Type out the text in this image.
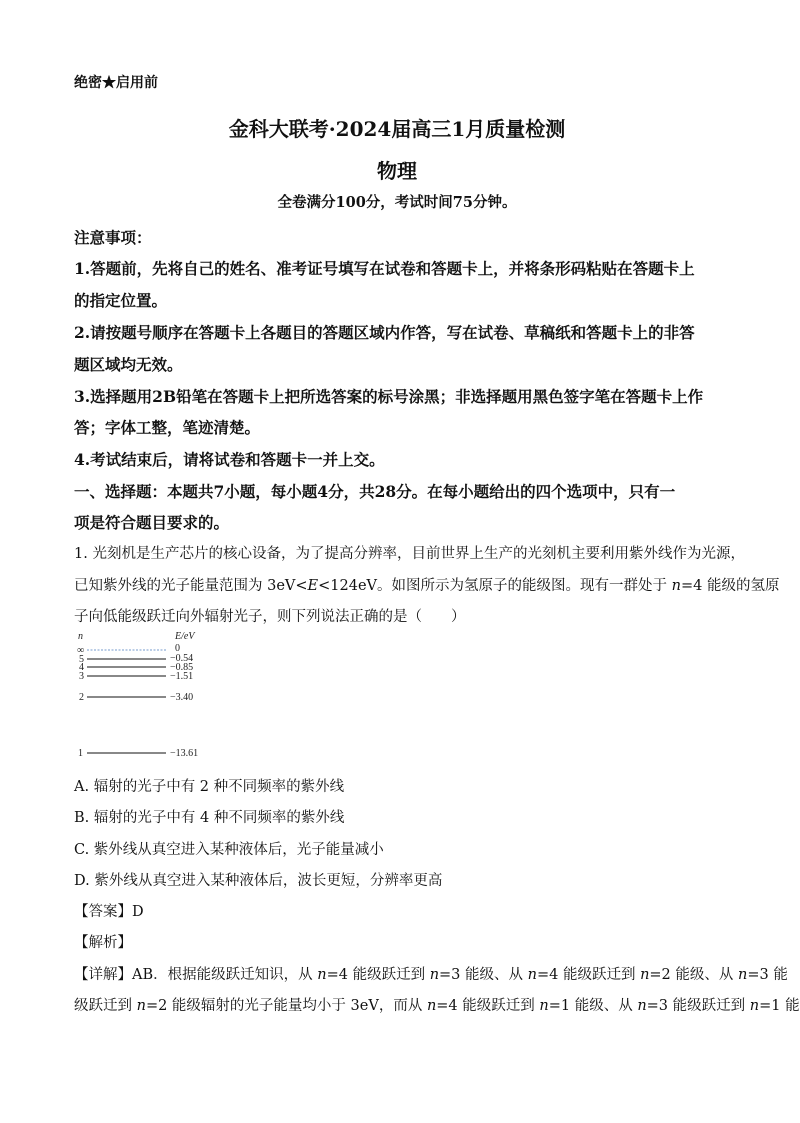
绝密★启用前
金科大联考·2024届高三1月质量检测
物理
全卷满分100分，考试时间75分钟。
注意事项：
1.答题前，先将自己的姓名、准考证号填写在试卷和答题卡上，并将条形码粘贴在答题卡上
的指定位置。
2.请按题号顺序在答题卡上各题目的答题区域内作答，写在试卷、草稿纸和答题卡上的非答
题区域均无效。
3.选择题用2B铅笔在答题卡上把所选答案的标号涂黑；非选择题用黑色签字笔在答题卡上作
答；字体工整，笔迹清楚。
4.考试结束后，请将试卷和答题卡一并上交。
一、选择题：本题共7小题，每小题4分，共28分。在每小题给出的四个选项中，只有一
项是符合题目要求的。
1. 光刻机是生产芯片的核心设备，为了提高分辨率，目前世界上生产的光刻机主要利用紫外线作为光源，
已知紫外线的光子能量范围为 3eV<E<124eV。如图所示为氢原子的能级图。现有一群处于 n=4 能级的氢原
子向低能级跃迁向外辐射光子，则下列说法正确的是（　　）
n	E/eV
∞
5
4
3
2
1
0
−0.54
−0.85
−1.51
−3.40
−13.61
A. 辐射的光子中有 2 种不同频率的紫外线
B. 辐射的光子中有 4 种不同频率的紫外线
C. 紫外线从真空进入某种液体后，光子能量减小
D. 紫外线从真空进入某种液体后，波长更短，分辨率更高
【答案】D
【解析】
【详解】AB．根据能级跃迁知识，从 n=4 能级跃迁到 n=3 能级、从 n=4 能级跃迁到 n=2 能级、从 n=3 能
级跃迁到 n=2 能级辐射的光子能量均小于 3eV，而从 n=4 能级跃迁到 n=1 能级、从 n=3 能级跃迁到 n=1 能
